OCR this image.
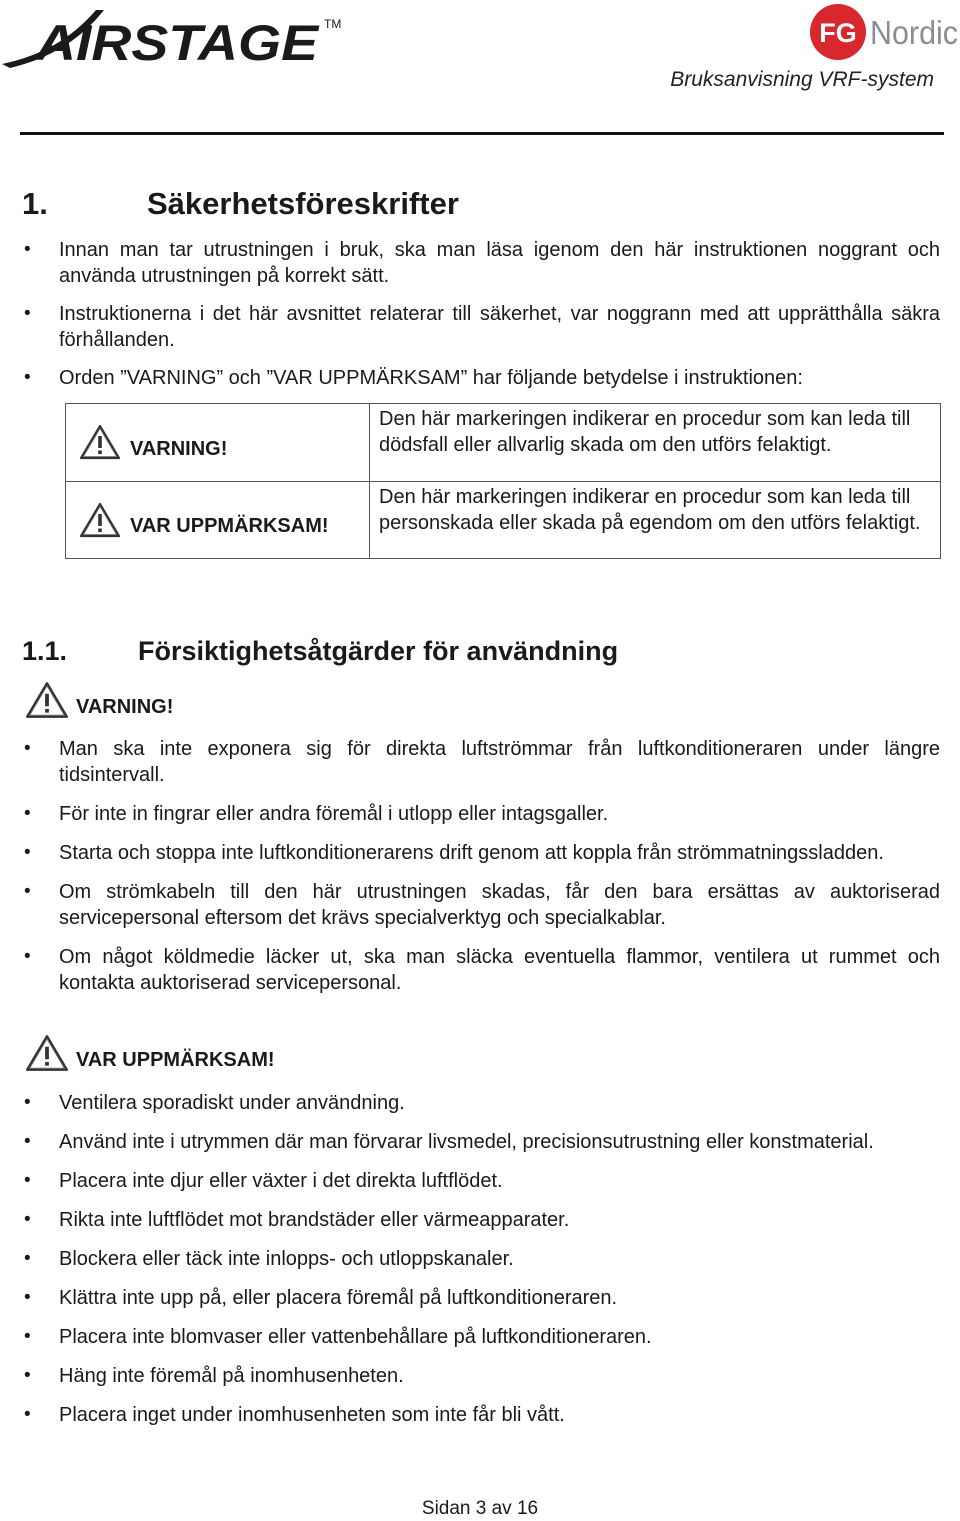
AIRSTAGE TM	FG Nordic
Bruksanvisning VRF-system
1.	Säkerhetsföreskrifter
• Innan man tar utrustningen i bruk, ska man läsa igenom den här instruktionen noggrant och använda utrustningen på korrekt sätt.
• Instruktionerna i det här avsnittet relaterar till säkerhet, var noggrann med att upprätthålla säkra förhållanden.
• Orden ”VARNING” och ”VAR UPPMÄRKSAM” har följande betydelse i instruktionen:
VARNING!	Den här markeringen indikerar en procedur som kan leda till dödsfall eller allvarlig skada om den utförs felaktigt.

VAR UPPMÄRKSAM!	Den här markeringen indikerar en procedur som kan leda till personskada eller skada på egendom om den utförs felaktigt.
1.1.	Försiktighetsåtgärder för användning
VARNING!
• Man ska inte exponera sig för direkta luftströmmar från luftkonditioneraren under längre tidsintervall.
• För inte in fingrar eller andra föremål i utlopp eller intagsgaller.
• Starta och stoppa inte luftkonditionerarens drift genom att koppla från strömmatningssladden.
• Om strömkabeln till den här utrustningen skadas, får den bara ersättas av auktoriserad servicepersonal eftersom det krävs specialverktyg och specialkablar.
• Om något köldmedie läcker ut, ska man släcka eventuella flammor, ventilera ut rummet och kontakta auktoriserad servicepersonal.
VAR UPPMÄRKSAM!
• Ventilera sporadiskt under användning.
• Använd inte i utrymmen där man förvarar livsmedel, precisionsutrustning eller konstmaterial.
• Placera inte djur eller växter i det direkta luftflödet.
• Rikta inte luftflödet mot brandstäder eller värmeapparater.
• Blockera eller täck inte inlopps- och utloppskanaler.
• Klättra inte upp på, eller placera föremål på luftkonditioneraren.
• Placera inte blomvaser eller vattenbehållare på luftkonditioneraren.
• Häng inte föremål på inomhusenheten.
• Placera inget under inomhusenheten som inte får bli vått.
Sidan 3 av 16
